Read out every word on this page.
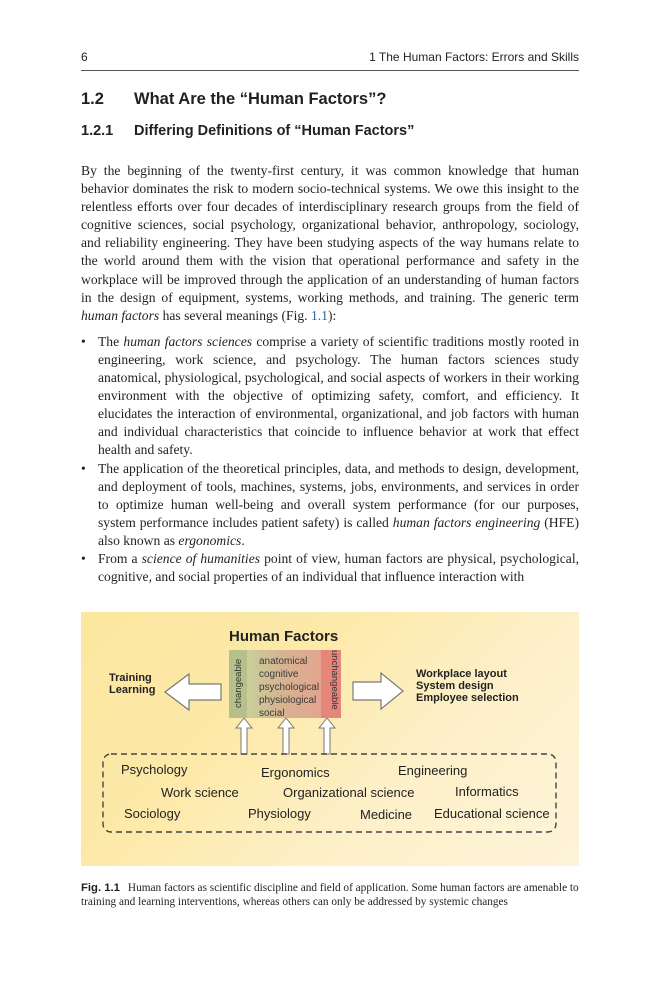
6	1 The Human Factors: Errors and Skills
1.2 What Are the “Human Factors”?
1.2.1 Differing Definitions of “Human Factors”

By the beginning of the twenty-first century, it was common knowledge that human behavior dominates the risk to modern socio-technical systems. We owe this insight to the relentless efforts over four decades of interdisciplinary research groups from the field of cognitive sciences, social psychology, organizational behavior, anthropology, sociology, and reliability engineering. They have been studying aspects of the way humans relate to the world around them with the vision that operational performance and safety in the workplace will be improved through the application of an understanding of human factors in the design of equipment, systems, working methods, and training. The generic term human factors has several meanings (Fig. 1.1):

• The human factors sciences comprise a variety of scientific traditions mostly rooted in engineering, work science, and psychology. The human factors sciences study anatomical, physiological, psychological, and social aspects of workers in their working environment with the objective of optimizing safety, comfort, and efficiency. It elucidates the interaction of environmental, organizational, and job factors with human and individual characteristics that coincide to influence behavior at work that effect health and safety.
• The application of the theoretical principles, data, and methods to design, development, and deployment of tools, machines, systems, jobs, environments, and services in order to optimize human well-being and overall system performance (for our purposes, system performance includes patient safety) is called human factors engineering (HFE) also known as ergonomics.
• From a science of humanities point of view, human factors are physical, psychological, cognitive, and social properties of an individual that influence interaction with
Human Factors
changeable	unchangeable
anatomical
cognitive
psychological
physiological
social
Training
Learning
Workplace layout
System design
Employee selection
Psychology	Ergonomics	Engineering
Work science	Organizational science	Informatics
Sociology	Physiology	Medicine Educational science
Fig. 1.1 Human factors as scientific discipline and field of application. Some human factors are amenable to training and learning interventions, whereas others can only be addressed by systemic changes
